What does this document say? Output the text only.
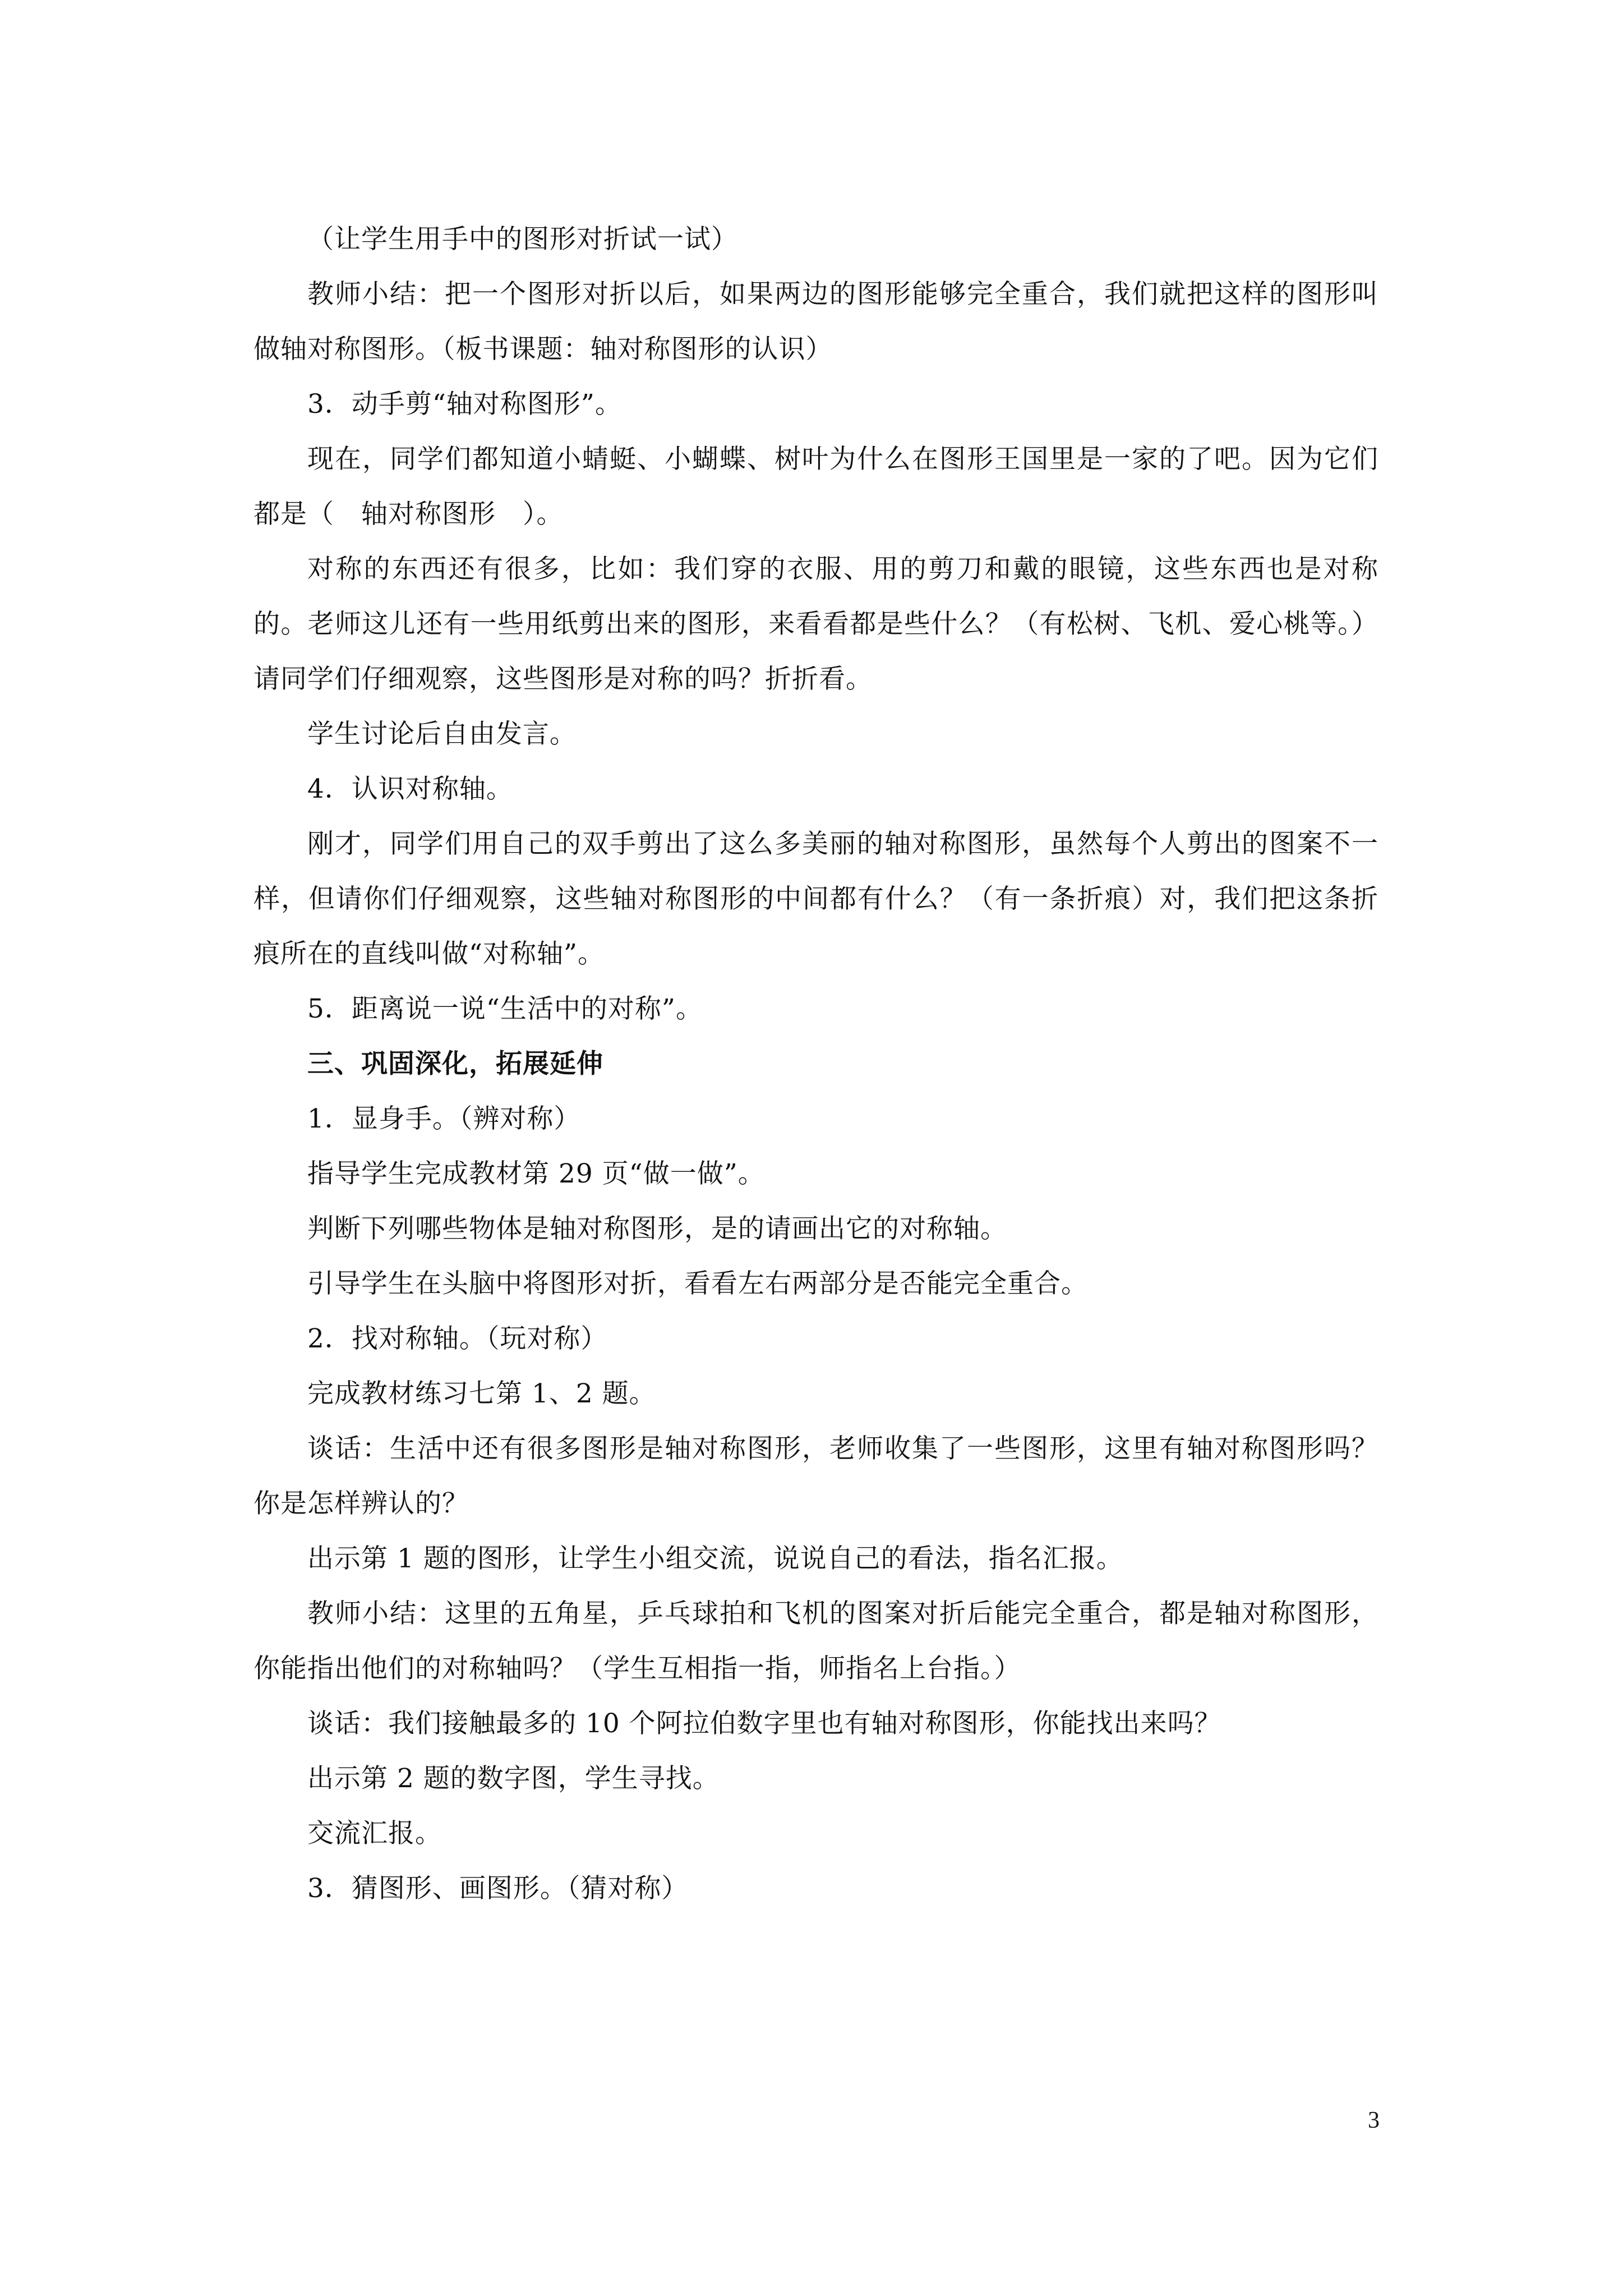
（让学生用手中的图形对折试一试）

教师小结：把一个图形对折以后，如果两边的图形能够完全重合，我们就把这样的图形叫做轴对称图形。（板书课题：轴对称图形的认识）

3．动手剪“轴对称图形”。

现在，同学们都知道小蜻蜓、小蝴蝶、树叶为什么在图形王国里是一家的了吧。因为它们都是（　轴对称图形　）。

对称的东西还有很多，比如：我们穿的衣服、用的剪刀和戴的眼镜，这些东西也是对称的。老师这儿还有一些用纸剪出来的图形，来看看都是些什么？（有松树、飞机、爱心桃等。）请同学们仔细观察，这些图形是对称的吗？折折看。

学生讨论后自由发言。

4．认识对称轴。

刚才，同学们用自己的双手剪出了这么多美丽的轴对称图形，虽然每个人剪出的图案不一样，但请你们仔细观察，这些轴对称图形的中间都有什么？（有一条折痕）对，我们把这条折痕所在的直线叫做“对称轴”。

5．距离说一说“生活中的对称”。

三、巩固深化，拓展延伸

1．显身手。（辨对称）

指导学生完成教材第 29 页“做一做”。

判断下列哪些物体是轴对称图形，是的请画出它的对称轴。

引导学生在头脑中将图形对折，看看左右两部分是否能完全重合。

2．找对称轴。（玩对称）

完成教材练习七第 1、2 题。

谈话：生活中还有很多图形是轴对称图形，老师收集了一些图形，这里有轴对称图形吗？你是怎样辨认的？

出示第 1 题的图形，让学生小组交流，说说自己的看法，指名汇报。

教师小结：这里的五角星，乒乓球拍和飞机的图案对折后能完全重合，都是轴对称图形，你能指出他们的对称轴吗？（学生互相指一指，师指名上台指。）

谈话：我们接触最多的 10 个阿拉伯数字里也有轴对称图形，你能找出来吗？

出示第 2 题的数字图，学生寻找。

交流汇报。

3．猜图形、画图形。（猜对称）

3
